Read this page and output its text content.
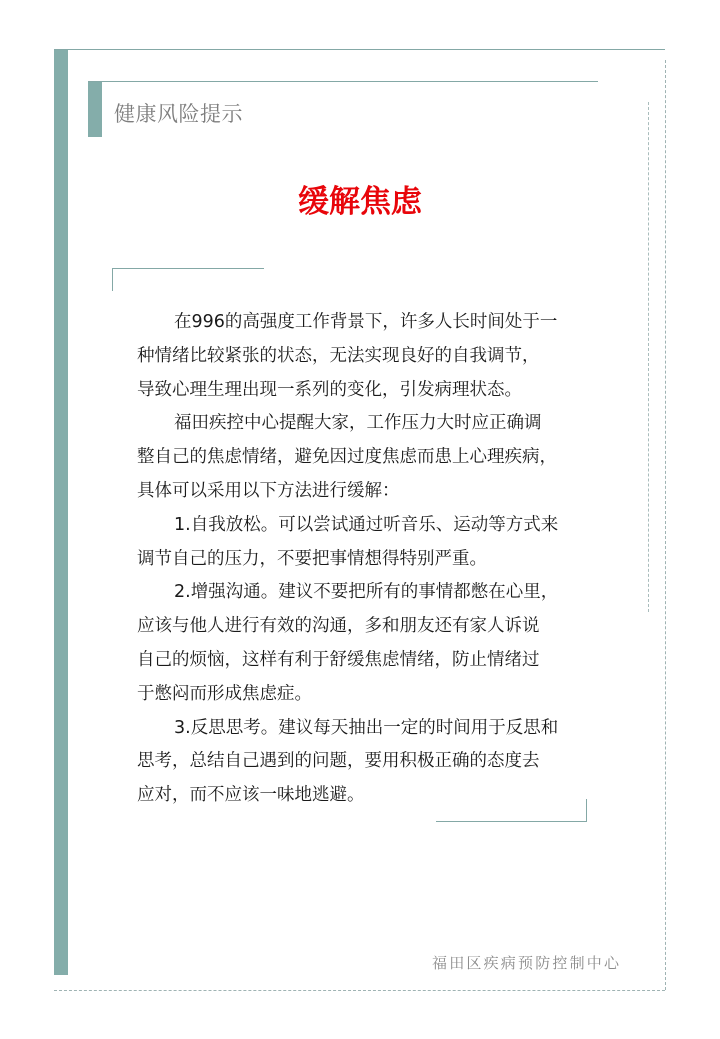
健康风险提示
缓解焦虑
在996的高强度工作背景下，许多人长时间处于一
种情绪比较紧张的状态，无法实现良好的自我调节，
导致心理生理出现一系列的变化，引发病理状态。
福田疾控中心提醒大家，工作压力大时应正确调
整自己的焦虑情绪，避免因过度焦虑而患上心理疾病，
具体可以采用以下方法进行缓解：
1.自我放松。可以尝试通过听音乐、运动等方式来
调节自己的压力，不要把事情想得特别严重。
2.增强沟通。建议不要把所有的事情都憋在心里，
应该与他人进行有效的沟通，多和朋友还有家人诉说
自己的烦恼，这样有利于舒缓焦虑情绪，防止情绪过
于憋闷而形成焦虑症。
3.反思思考。建议每天抽出一定的时间用于反思和
思考，总结自己遇到的问题，要用积极正确的态度去
应对，而不应该一味地逃避。
福田区疾病预防控制中心
